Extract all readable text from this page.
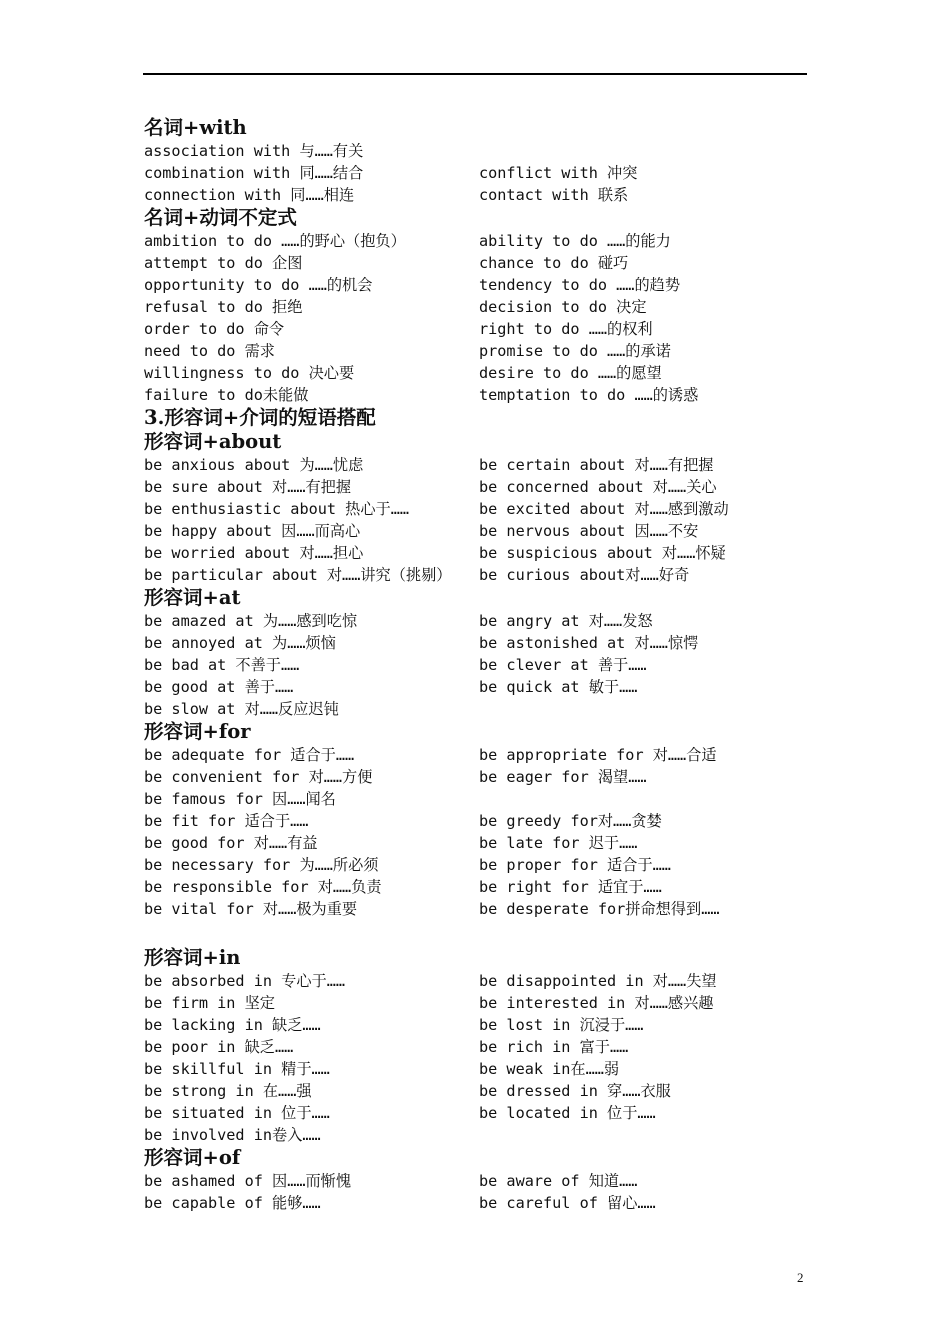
名词+with
association with 与……有关
combination with 同……结合	conflict with 冲突
connection with 同……相连	contact with 联系
名词+动词不定式
ambition to do ……的野心（抱负）	ability to do ……的能力
attempt to do 企图	chance to do 碰巧
opportunity to do ……的机会	tendency to do ……的趋势
refusal to do 拒绝	decision to do 决定
order to do 命令	right to do ……的权利
need to do 需求	promise to do ……的承诺
willingness to do 决心要	desire to do ……的愿望
failure to do未能做	temptation to do ……的诱惑
3.形容词+介词的短语搭配
形容词+about
be anxious about 为……忧虑	be certain about 对……有把握
be sure about 对……有把握	be concerned about 对……关心
be enthusiastic about 热心于……	be excited about 对……感到激动
be happy about 因……而高心	be nervous about 因……不安
be worried about 对……担心	be suspicious about 对……怀疑
be particular about 对……讲究（挑剔） be curious about对……好奇
形容词+at
be amazed at 为……感到吃惊	be angry at 对……发怒
be annoyed at 为……烦恼	be astonished at 对……惊愕
be bad at 不善于……	be clever at 善于……
be good at 善于……	be quick at 敏于……
be slow at 对……反应迟钝
形容词+for
be adequate for 适合于……	be appropriate for 对……合适
be convenient for 对……方便	be eager for 渴望……
be famous for 因……闻名
be fit for 适合于……	be greedy for对……贪婪
be good for 对……有益	be late for 迟于……
be necessary for 为……所必须	be proper for 适合于……
be responsible for 对……负责	be right for 适宜于……
be vital for 对……极为重要	be desperate for拼命想得到……
形容词+in
be absorbed in 专心于……	be disappointed in 对……失望
be firm in 坚定	be interested in 对……感兴趣
be lacking in 缺乏……	be lost in 沉浸于……
be poor in 缺乏……	be rich in 富于……
be skillful in 精于……	be weak in在……弱
be strong in 在……强	be dressed in 穿……衣服
be situated in 位于……	be located in 位于……
be involved in卷入……
形容词+of
be ashamed of 因……而惭愧	be aware of 知道……
be capable of 能够……	be careful of 留心……
2
